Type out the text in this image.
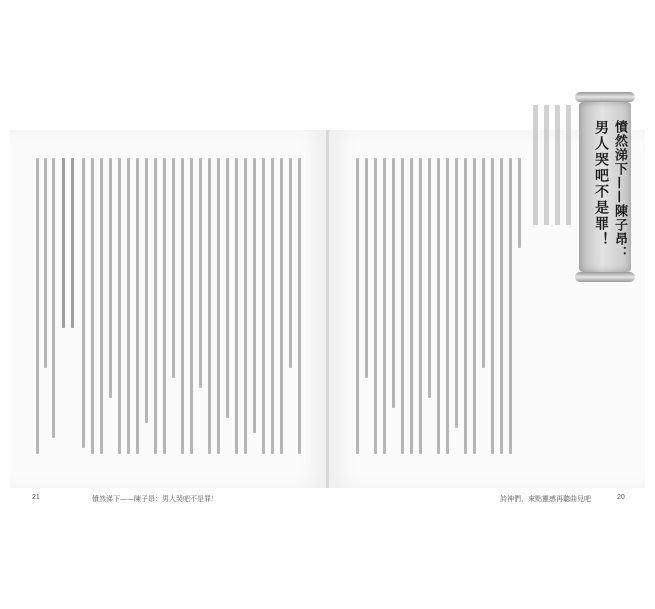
憤然涕下——陳子昂：
男人哭吧不是罪！
21	憤然涕下——陳子昂：男人哭吧不是罪！	詩神們，來點靈感再聽曲兒吧	20
